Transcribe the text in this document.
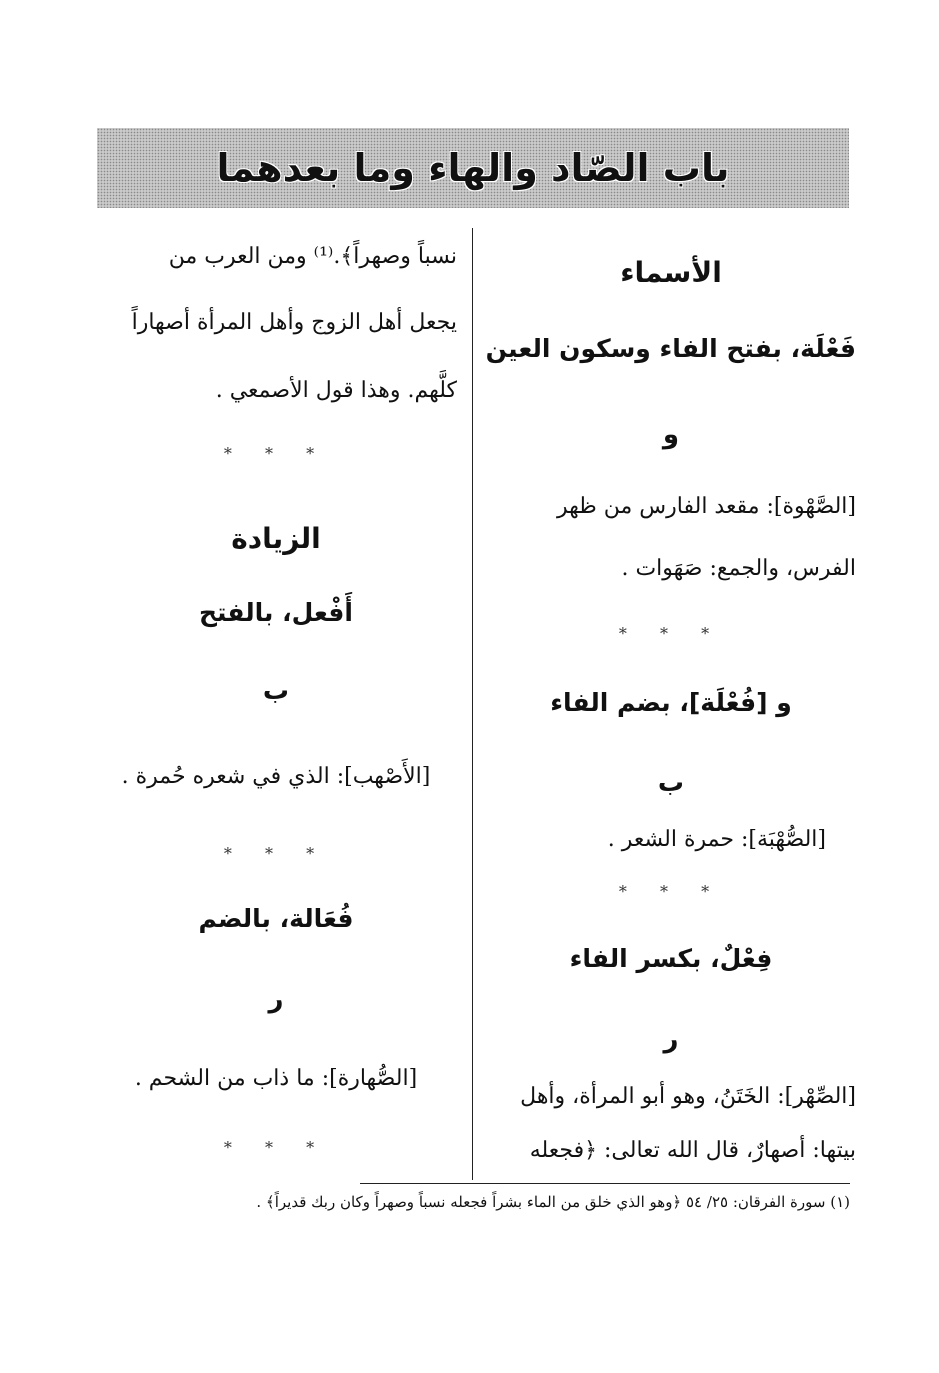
باب الصّاد والهاء وما بعدهما
الأسماء
فَعْلَة، بفتح الفاء وسكون العين
و
[الصَّهْوة]: مقعد الفارس من ظهر
الفرس، والجمع: صَهَوات .
* * *
و [فُعْلَة]، بضم الفاء
ب
[الصُّهْبَة]: حمرة الشعر .
* * *
فِعْلٌ، بكسر الفاء
ر
[الصِّهْر]: الخَتَنُ، وهو أبو المرأة، وأهل
بيتها: أصهارٌ، قال الله تعالى: ﴿فجعله
نسباً وصهراً﴾.⁽¹⁾ ومن العرب من
يجعل أهل الزوج وأهل المرأة أصهاراً
كلَّهم. وهذا قول الأصمعي .
* * *
الزيادة
أَفْعل، بالفتح
ب
[الأَصْهب]: الذي في شعره حُمرة .
* * *
فُعَالة، بالضم
ر
[الصُّهارة]: ما ذاب من الشحم .
* * *
(١) سورة الفرقان: ٢٥/ ٥٤ ﴿وهو الذي خلق من الماء بشراً فجعله نسباً وصهراً وكان ربك قديراً﴾ .
